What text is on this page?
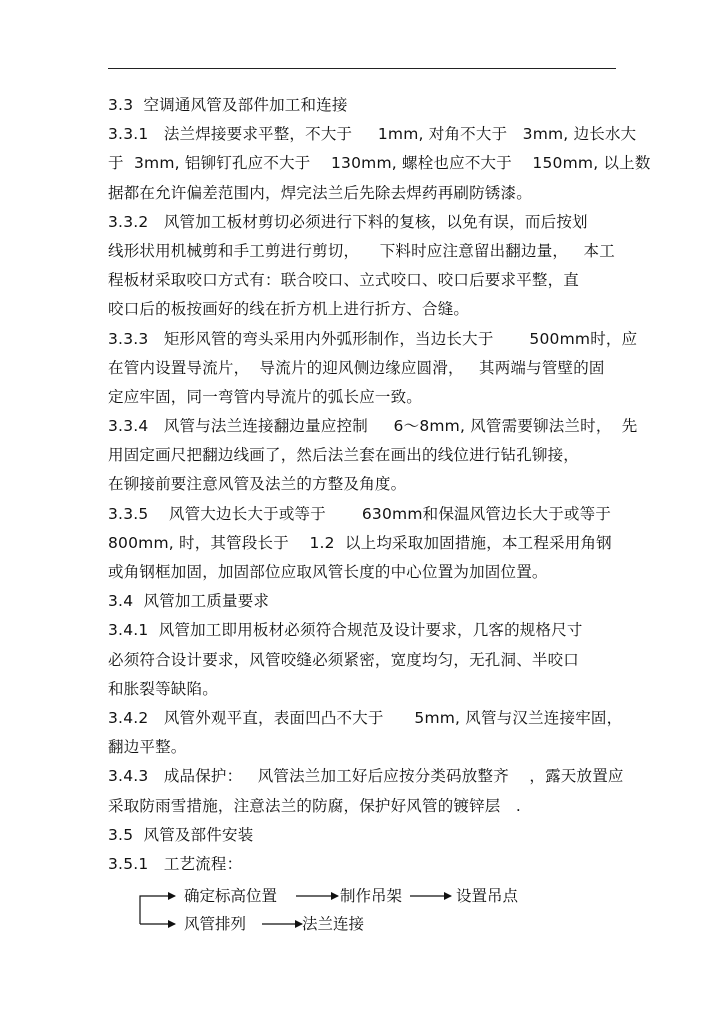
3.3  空调通风管及部件加工和连接
3.3.1   法兰焊接要求平整，不大于     1mm, 对角不大于   3mm, 边长水大
于  3mm, 铝铆钉孔应不大于    130mm, 螺栓也应不大于    150mm, 以上数
据都在允许偏差范围内，焊完法兰后先除去焊药再刷防锈漆。
3.3.2   风管加工板材剪切必须进行下料的复核，以免有误，而后按划
线形状用机械剪和手工剪进行剪切，    下料时应注意留出翻边量，   本工
程板材采取咬口方式有：联合咬口、立式咬口、咬口后要求平整，直
咬口后的板按画好的线在折方机上进行折方、合缝。
3.3.3   矩形风管的弯头采用内外弧形制作，当边长大于       500mm时，应
在管内设置导流片，  导流片的迎风侧边缘应圆滑，   其两端与管壁的固
定应牢固，同一弯管内导流片的弧长应一致。
3.3.4   风管与法兰连接翻边量应控制     6～8mm, 风管需要铆法兰时，  先
用固定画尺把翻边线画了，然后法兰套在画出的线位进行钻孔铆接，
在铆接前要注意风管及法兰的方整及角度。
3.3.5    风管大边长大于或等于       630mm和保温风管边长大于或等于
800mm, 时，其管段长于    1.2  以上均采取加固措施，本工程采用角钢
或角钢框加固，加固部位应取风管长度的中心位置为加固位置。
3.4  风管加工质量要求
3.4.1  风管加工即用板材必须符合规范及设计要求，几客的规格尺寸
必须符合设计要求，风管咬缝必须紧密，宽度均匀，无孔洞、半咬口
和胀裂等缺陷。
3.4.2   风管外观平直，表面凹凸不大于      5mm, 风管与汉兰连接牢固，
翻边平整。
3.4.3   成品保护：   风管法兰加工好后应按分类码放整齐    ，露天放置应
采取防雨雪措施，注意法兰的防腐，保护好风管的镀锌层   .
3.5  风管及部件安装
3.5.1   工艺流程：
确定标高位置	制作吊架	设置吊点
风管排列	法兰连接
